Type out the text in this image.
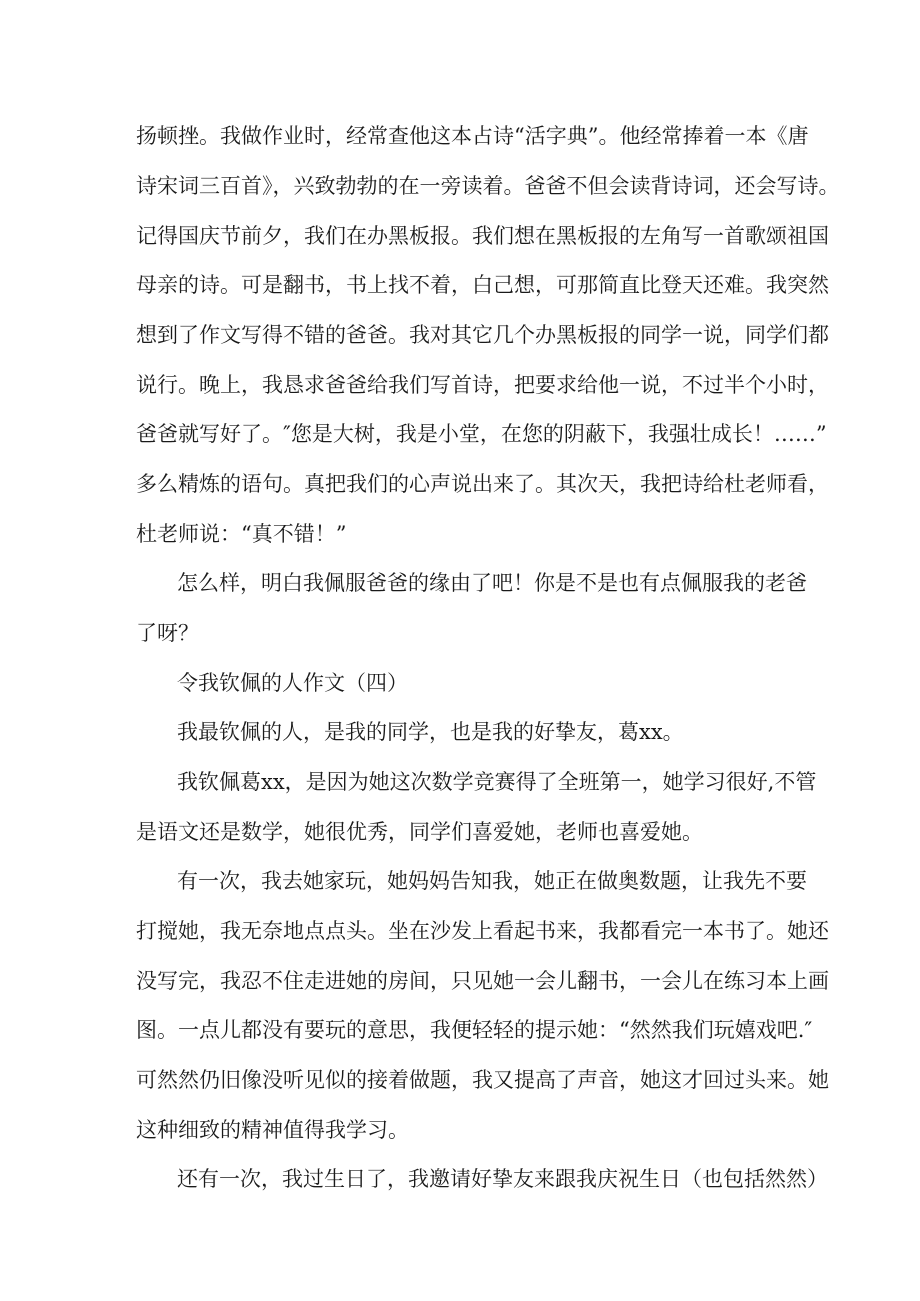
扬顿挫。我做作业时，经常查他这本占诗“活字典”。他经常捧着一本《唐
诗宋词三百首》，兴致勃勃的在一旁读着。爸爸不但会读背诗词，还会写诗。
记得国庆节前夕，我们在办黑板报。我们想在黑板报的左角写一首歌颂祖国
母亲的诗。可是翻书，书上找不着，白己想，可那简直比登天还难。我突然
想到了作文写得不错的爸爸。我对其它几个办黑板报的同学一说，同学们都
说行。晚上，我恳求爸爸给我们写首诗，把要求给他一说，不过半个小时，
爸爸就写好了。″您是大树，我是小堂，在您的阴蔽下，我强壮成长！……”
多么精炼的语句。真把我们的心声说出来了。其次天，我把诗给杜老师看，
杜老师说：“真不错！”
怎么样，明白我佩服爸爸的缘由了吧！你是不是也有点佩服我的老爸
了呀？
令我钦佩的人作文（四）
我最钦佩的人，是我的同学，也是我的好挚友，葛xx。
我钦佩葛xx，是因为她这次数学竞赛得了全班第一，她学习很好,不管
是语文还是数学，她很优秀，同学们喜爱她，老师也喜爱她。
有一次，我去她家玩，她妈妈告知我，她正在做奥数题，让我先不要
打搅她，我无奈地点点头。坐在沙发上看起书来，我都看完一本书了。她还
没写完，我忍不住走进她的房间，只见她一会儿翻书，一会儿在练习本上画
图。一点儿都没有要玩的意思，我便轻轻的提示她：“然然我们玩嬉戏吧.″
可然然仍旧像没听见似的接着做题，我又提高了声音，她这才回过头来。她
这种细致的精神值得我学习。
还有一次，我过生日了，我邀请好挚友来跟我庆祝生日（也包括然然）
